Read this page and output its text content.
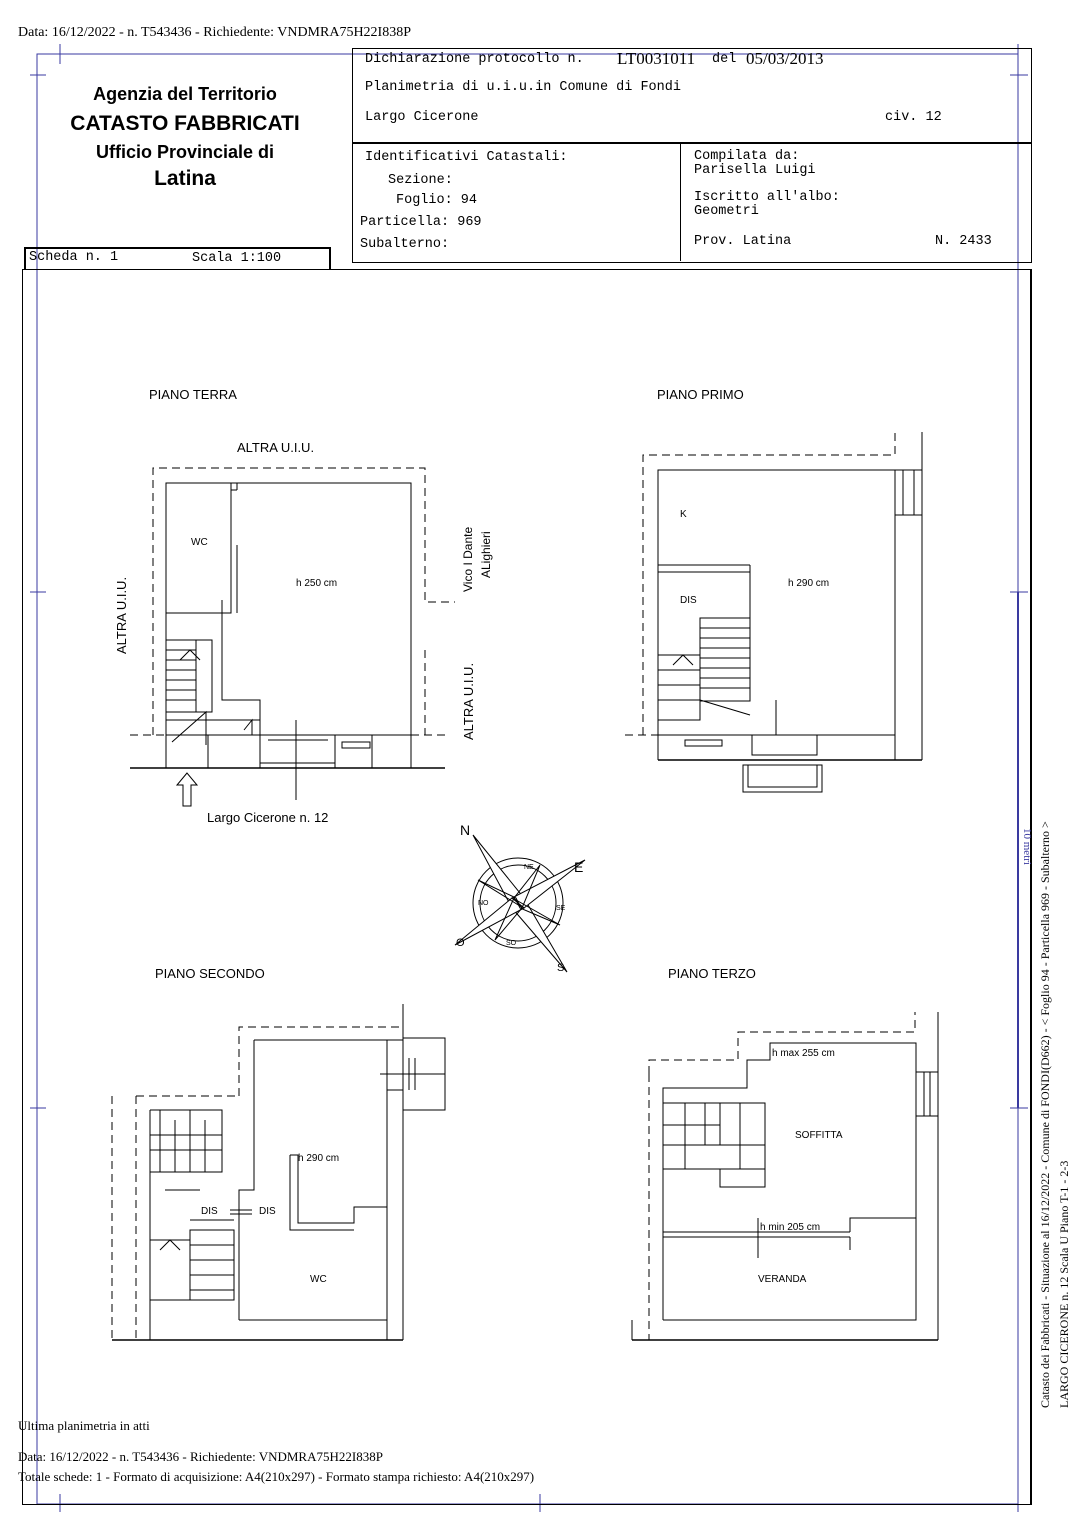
Data: 16/12/2022 - n. T543436 - Richiedente: VNDMRA75H22I838P
Agenzia del Territorio
CATASTO FABBRICATI
Ufficio Provinciale di
Latina
Dichiarazione protocollo n. LT0031011 del 05/03/2013
Planimetria di u.i.u.in Comune di Fondi
Largo Cicerone	civ. 12
Identificativi Catastali:
Sezione:
Foglio: 94
Particella: 969
Subalterno:
Compilata da:
Parisella Luigi
Iscritto all'albo:
Geometri
Prov. Latina	N. 2433
Scheda n. 1	Scala 1:100
N
E
S
O
NE
SE
SO
NO
PIANO TERRA	PIANO PRIMO
PIANO SECONDO	PIANO TERZO
ALTRA U.I.U.
ALTRA U.I.U.
ALTRA U.I.U.
Vico I Dante ALighieri
WC
h 250 cm
Largo Cicerone n. 12
K
DIS
h 290 cm
h 290 cm
DIS	DIS
WC
h max 255 cm
SOFFITTA
h min 205 cm
VERANDA
10 metri Catasto dei Fabbricati - Situazione al 16/12/2022 - Comune di FONDI(D662) - < Foglio 94 - Particella 969 - Subalterno > LARGO CICERONE n. 12 Scala U Piano T-1 - 2-3
Ultima planimetria in atti
Data: 16/12/2022 - n. T543436 - Richiedente: VNDMRA75H22I838P
Totale schede: 1 - Formato di acquisizione: A4(210x297) - Formato stampa richiesto: A4(210x297)
